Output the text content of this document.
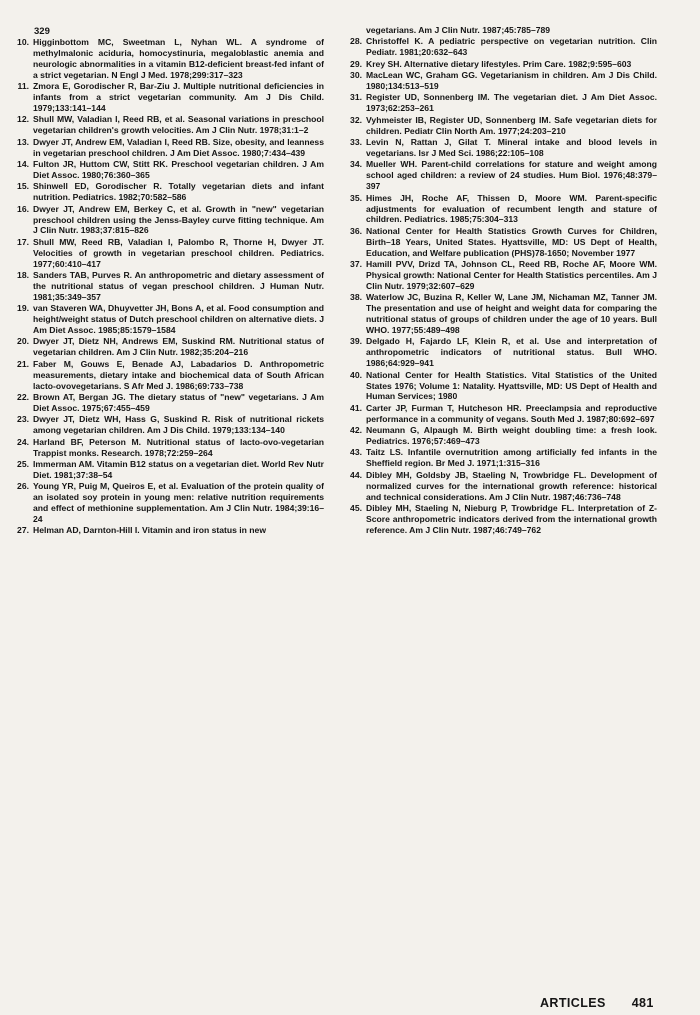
329
10. Higginbottom MC, Sweetman L, Nyhan WL. A syndrome of methylmalonic aciduria, homocystinuria, megaloblastic anemia and neurologic abnormalities in a vitamin B12-deficient breast-fed infant of a strict vegetarian. N Engl J Med. 1978;299:317–323
11. Zmora E, Gorodischer R, Bar-Ziu J. Multiple nutritional deficiencies in infants from a strict vegetarian community. Am J Dis Child. 1979;133:141–144
12. Shull MW, Valadian I, Reed RB, et al. Seasonal variations in preschool vegetarian children's growth velocities. Am J Clin Nutr. 1978;31:1–2
13. Dwyer JT, Andrew EM, Valadian I, Reed RB. Size, obesity, and leanness in vegetarian preschool children. J Am Diet Assoc. 1980;7:434–439
14. Fulton JR, Huttom CW, Stitt RK. Preschool vegetarian children. J Am Diet Assoc. 1980;76:360–365
15. Shinwell ED, Gorodischer R. Totally vegetarian diets and infant nutrition. Pediatrics. 1982;70:582–586
16. Dwyer JT, Andrew EM, Berkey C, et al. Growth in "new" vegetarian preschool children using the Jenss-Bayley curve fitting technique. Am J Clin Nutr. 1983;37:815–826
17. Shull MW, Reed RB, Valadian I, Palombo R, Thorne H, Dwyer JT. Velocities of growth in vegetarian preschool children. Pediatrics. 1977;60:410–417
18. Sanders TAB, Purves R. An anthropometric and dietary assessment of the nutritional status of vegan preschool children. J Human Nutr. 1981;35:349–357
19. van Staveren WA, Dhuyvetter JH, Bons A, et al. Food consumption and height/weight status of Dutch preschool children on alternative diets. J Am Diet Assoc. 1985;85:1579–1584
20. Dwyer JT, Dietz NH, Andrews EM, Suskind RM. Nutritional status of vegetarian children. Am J Clin Nutr. 1982;35:204–216
21. Faber M, Gouws E, Benade AJ, Labadarios D. Anthropometric measurements, dietary intake and biochemical data of South African lacto-ovovegetarians. S Afr Med J. 1986;69:733–738
22. Brown AT, Bergan JG. The dietary status of "new" vegetarians. J Am Diet Assoc. 1975;67:455–459
23. Dwyer JT, Dietz WH, Hass G, Suskind R. Risk of nutritional rickets among vegetarian children. Am J Dis Child. 1979;133:134–140
24. Harland BF, Peterson M. Nutritional status of lacto-ovo-vegetarian Trappist monks. Research. 1978;72:259–264
25. Immerman AM. Vitamin B12 status on a vegetarian diet. World Rev Nutr Diet. 1981;37:38–54
26. Young YR, Puig M, Queiros E, et al. Evaluation of the protein quality of an isolated soy protein in young men: relative nutrition requirements and effect of methionine supplementation. Am J Clin Nutr. 1984;39:16–24
27. Helman AD, Darnton-Hill I. Vitamin and iron status in new
vegetarians. Am J Clin Nutr. 1987;45:785–789
28. Christoffel K. A pediatric perspective on vegetarian nutrition. Clin Pediatr. 1981;20:632–643
29. Krey SH. Alternative dietary lifestyles. Prim Care. 1982;9:595–603
30. MacLean WC, Graham GG. Vegetarianism in children. Am J Dis Child. 1980;134:513–519
31. Register UD, Sonnenberg IM. The vegetarian diet. J Am Diet Assoc. 1973;62:253–261
32. Vyhmeister IB, Register UD, Sonnenberg IM. Safe vegetarian diets for children. Pediatr Clin North Am. 1977;24:203–210
33. Levin N, Rattan J, Gilat T. Mineral intake and blood levels in vegetarians. Isr J Med Sci. 1986;22:105–108
34. Mueller WH. Parent-child correlations for stature and weight among school aged children: a review of 24 studies. Hum Biol. 1976;48:379–397
35. Himes JH, Roche AF, Thissen D, Moore WM. Parent-specific adjustments for evaluation of recumbent length and stature of children. Pediatrics. 1985;75:304–313
36. National Center for Health Statistics Growth Curves for Children, Birth–18 Years, United States. Hyattsville, MD: US Dept of Health, Education, and Welfare publication (PHS)78-1650; November 1977
37. Hamill PVV, Drizd TA, Johnson CL, Reed RB, Roche AF, Moore WM. Physical growth: National Center for Health Statistics percentiles. Am J Clin Nutr. 1979;32:607–629
38. Waterlow JC, Buzina R, Keller W, Lane JM, Nichaman MZ, Tanner JM. The presentation and use of height and weight data for comparing the nutritional status of groups of children under the age of 10 years. Bull WHO. 1977;55:489–498
39. Delgado H, Fajardo LF, Klein R, et al. Use and interpretation of anthropometric indicators of nutritional status. Bull WHO. 1986;64:929–941
40. National Center for Health Statistics. Vital Statistics of the United States 1976; Volume 1: Natality. Hyattsville, MD: US Dept of Health and Human Services; 1980
41. Carter JP, Furman T, Hutcheson HR. Preeclampsia and reproductive performance in a community of vegans. South Med J. 1987;80:692–697
42. Neumann G, Alpaugh M. Birth weight doubling time: a fresh look. Pediatrics. 1976;57:469–473
43. Taitz LS. Infantile overnutrition among artificially fed infants in the Sheffield region. Br Med J. 1971;1:315–316
44. Dibley MH, Goldsby JB, Staeling N, Trowbridge FL. Development of normalized curves for the international growth reference: historical and technical considerations. Am J Clin Nutr. 1987;46:736–748
45. Dibley MH, Staeling N, Nieburg P, Trowbridge FL. Interpretation of Z-Score anthropometric indicators derived from the international growth reference. Am J Clin Nutr. 1987;46:749–762
ARTICLES 481
